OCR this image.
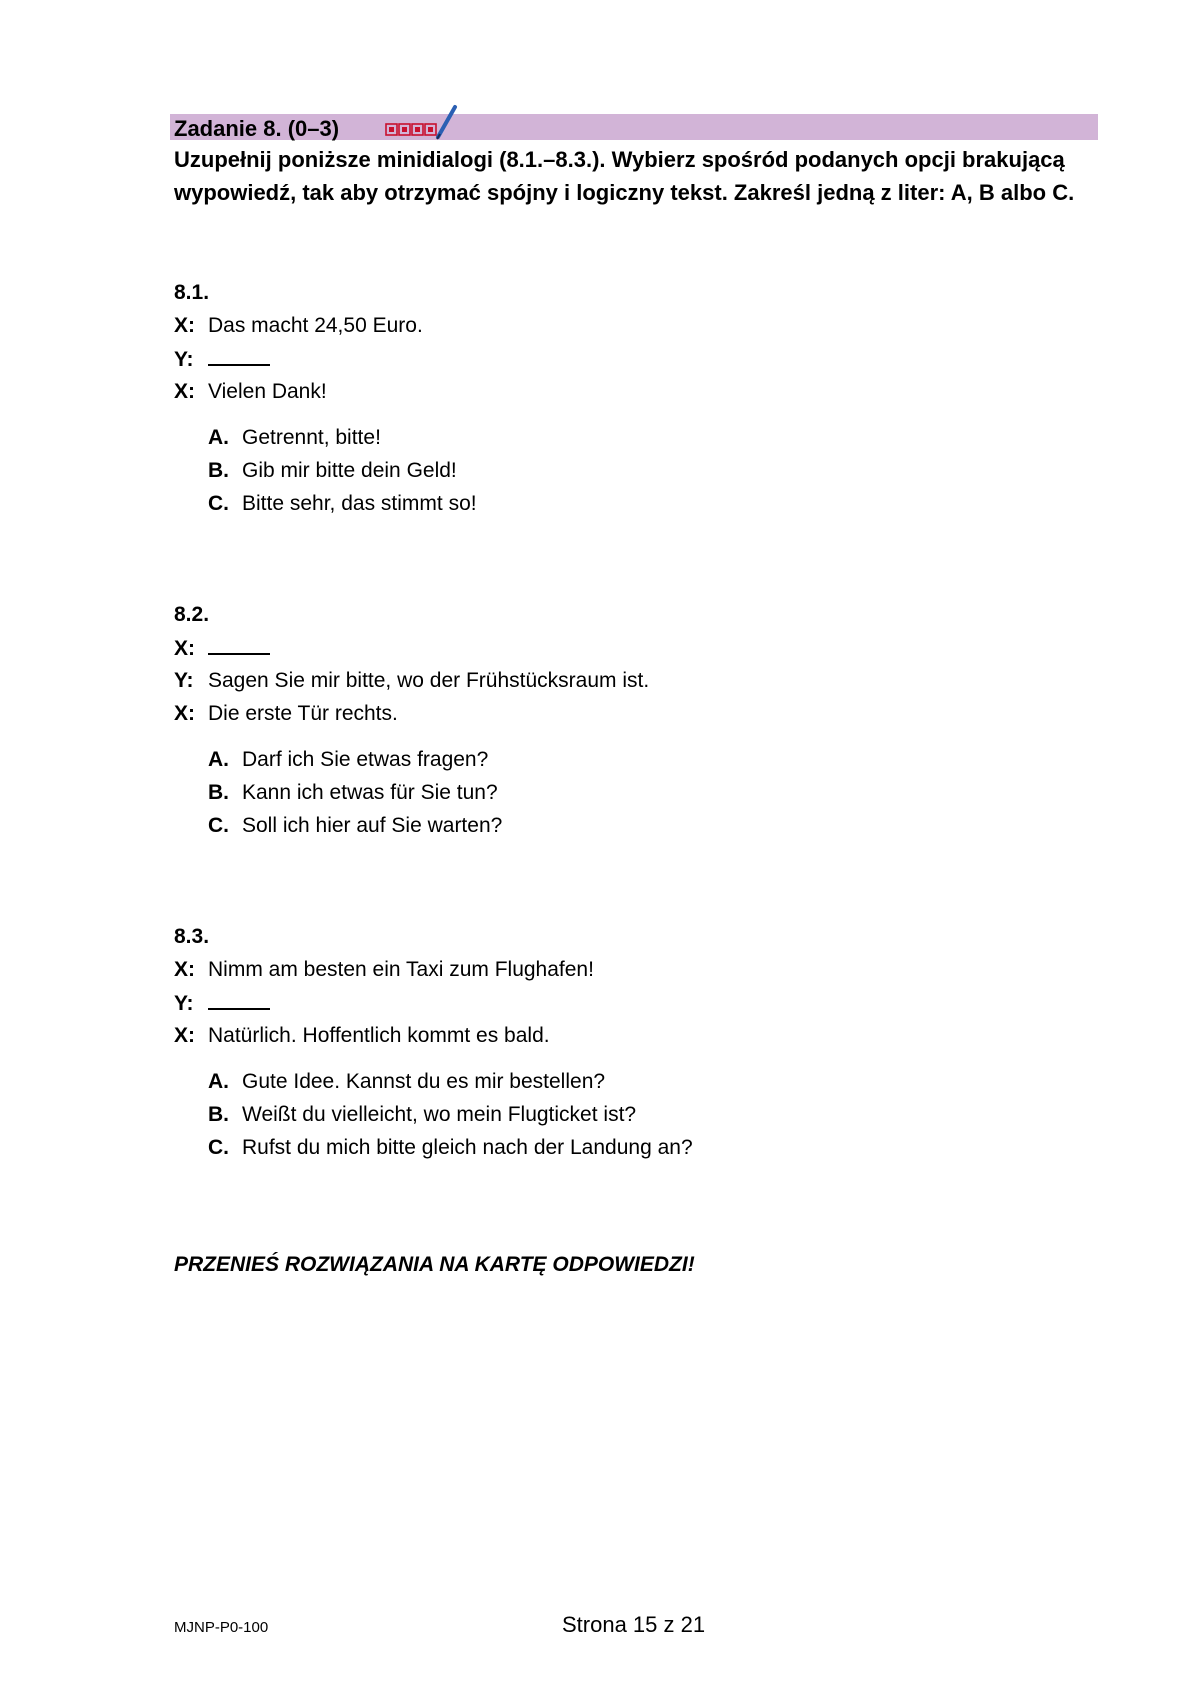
Zadanie 8. (0–3)
Uzupełnij poniższe minidialogi (8.1.–8.3.). Wybierz spośród podanych opcji brakującą
wypowiedź, tak aby otrzymać spójny i logiczny tekst. Zakreśl jedną z liter: A, B albo C.
8.1.
X: Das macht 24,50 Euro.
Y:
X: Vielen Dank!
A. Getrennt, bitte!
B. Gib mir bitte dein Geld!
C. Bitte sehr, das stimmt so!
8.2.
X:
Y: Sagen Sie mir bitte, wo der Frühstücksraum ist.
X: Die erste Tür rechts.
A. Darf ich Sie etwas fragen?
B. Kann ich etwas für Sie tun?
C. Soll ich hier auf Sie warten?
8.3.
X: Nimm am besten ein Taxi zum Flughafen!
Y:
X: Natürlich. Hoffentlich kommt es bald.
A. Gute Idee. Kannst du es mir bestellen?
B. Weißt du vielleicht, wo mein Flugticket ist?
C. Rufst du mich bitte gleich nach der Landung an?
PRZENIEŚ ROZWIĄZANIA NA KARTĘ ODPOWIEDZI!
MJNP-P0-100	Strona 15 z 21
